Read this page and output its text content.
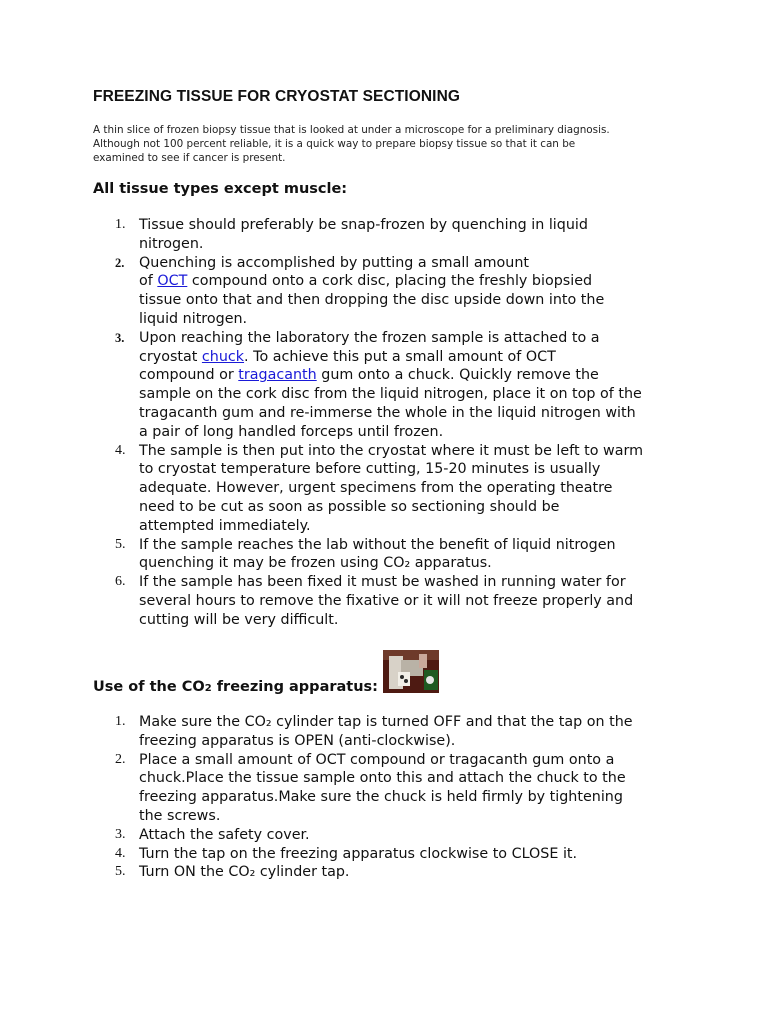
FREEZING TISSUE FOR CRYOSTAT SECTIONING
A thin slice of frozen biopsy tissue that is looked at under a microscope for a preliminary diagnosis.
Although not 100 percent reliable, it is a quick way to prepare biopsy tissue so that it can be
examined to see if cancer is present.
All tissue types except muscle:
1. Tissue should preferably be snap-frozen by quenching in liquid
nitrogen.
2. Quenching is accomplished by putting a small amount
of OCT compound onto a cork disc, placing the freshly biopsied
tissue onto that and then dropping the disc upside down into the
liquid nitrogen.
3. Upon reaching the laboratory the frozen sample is attached to a
cryostat chuck. To achieve this put a small amount of OCT
compound or tragacanth gum onto a chuck. Quickly remove the
sample on the cork disc from the liquid nitrogen, place it on top of the
tragacanth gum and re-immerse the whole in the liquid nitrogen with
a pair of long handled forceps until frozen.
4. The sample is then put into the cryostat where it must be left to warm
to cryostat temperature before cutting, 15-20 minutes is usually
adequate. However, urgent specimens from the operating theatre
need to be cut as soon as possible so sectioning should be
attempted immediately.
5. If the sample reaches the lab without the benefit of liquid nitrogen
quenching it may be frozen using CO₂ apparatus.
6. If the sample has been fixed it must be washed in running water for
several hours to remove the fixative or it will not freeze properly and
cutting will be very difficult.
Use of the CO2 freezing apparatus:
1. Make sure the CO₂ cylinder tap is turned OFF and that the tap on the
freezing apparatus is OPEN (anti-clockwise).
2. Place a small amount of OCT compound or tragacanth gum onto a
chuck.Place the tissue sample onto this and attach the chuck to the
freezing apparatus.Make sure the chuck is held firmly by tightening
the screws.
3. Attach the safety cover.
4. Turn the tap on the freezing apparatus clockwise to CLOSE it.
5. Turn ON the CO₂ cylinder tap.
